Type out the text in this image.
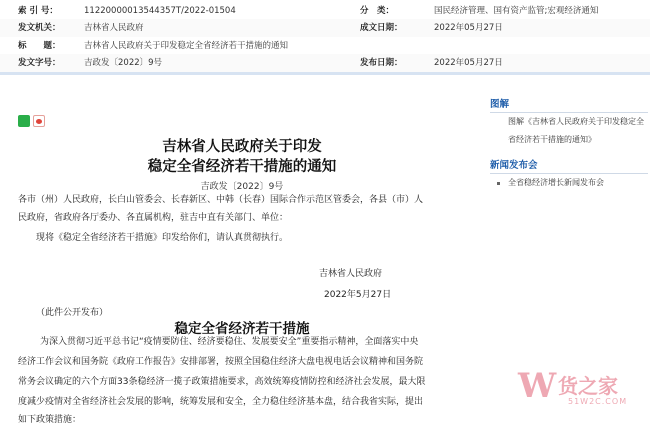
索 引 号：	11220000013544357T/2022-01504	分　类：	国民经济管理、国有资产监管;宏观经济通知
发文机关：	吉林省人民政府	成文日期：	2022年05月27日
标　　题：	吉林省人民政府关于印发稳定全省经济若干措施的通知
发文字号：	吉政发〔2022〕9号	发布日期：	2022年05月27日
吉林省人民政府关于印发
稳定全省经济若干措施的通知
吉政发〔2022〕9号
各市（州）人民政府，长白山管委会、长春新区、中韩（长春）国际合作示范区管委会，各县（市）人
民政府，省政府各厅委办、各直属机构，驻吉中直有关部门、单位：
现将《稳定全省经济若干措施》印发给你们，请认真贯彻执行。
吉林省人民政府
2022年5月27日
（此件公开发布）
稳定全省经济若干措施
为深入贯彻习近平总书记“疫情要防住、经济要稳住、发展要安全”重要指示精神，全面落实中央
经济工作会议和国务院《政府工作报告》安排部署，按照全国稳住经济大盘电视电话会议精神和国务院
常务会议确定的六个方面33条稳经济一揽子政策措施要求，高效统筹疫情防控和经济社会发展，最大限
度减少疫情对全省经济社会发展的影响，统筹发展和安全，全力稳住经济基本盘，结合我省实际，提出
如下政策措施：
图解
图解《吉林省人民政府关于印发稳定全
省经济若干措施的通知》
新闻发布会
全省稳经济增长新闻发布会
W 货之家
51W2C.COM
